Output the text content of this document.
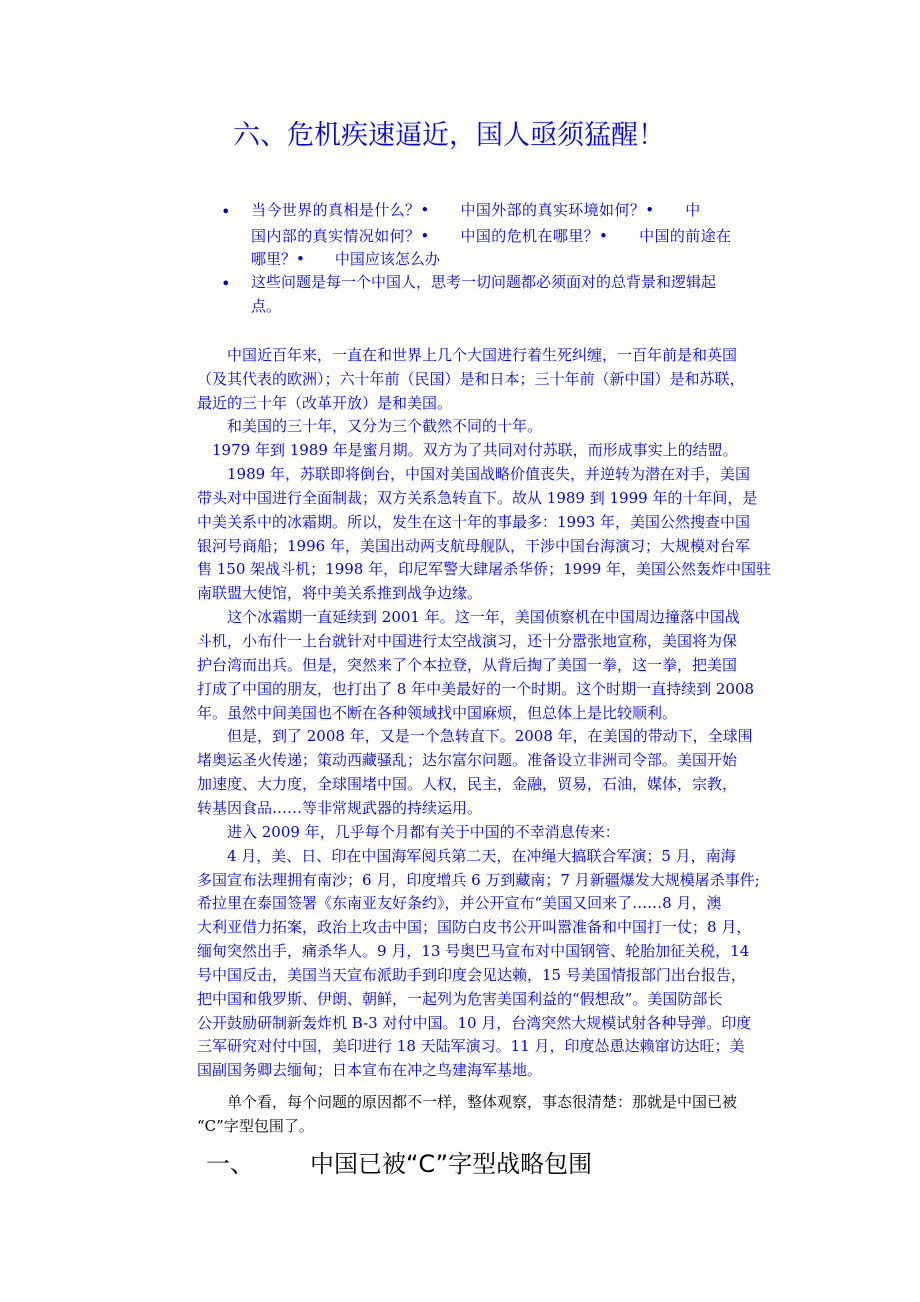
六、危机疾速逼近，国人亟须猛醒！
• 当今世界的真相是什么？•　　中国外部的真实环境如何？•　　中
国内部的真实情况如何？•　　中国的危机在哪里？•　　中国的前途在
哪里？•　　中国应该怎么办
• 这些问题是每一个中国人，思考一切问题都必须面对的总背景和逻辑起
点。
　　中国近百年来，一直在和世界上几个大国进行着生死纠缠，一百年前是和英国
（及其代表的欧洲）；六十年前（民国）是和日本；三十年前（新中国）是和苏联，
最近的三十年（改革开放）是和美国。
　　和美国的三十年，又分为三个截然不同的十年。
　1979 年到 1989 年是蜜月期。双方为了共同对付苏联，而形成事实上的结盟。
　　1989 年，苏联即将倒台，中国对美国战略价值丧失，并逆转为潜在对手，美国
带头对中国进行全面制裁；双方关系急转直下。故从 1989 到 1999 年的十年间，是
中美关系中的冰霜期。所以，发生在这十年的事最多：1993 年，美国公然搜查中国
银河号商船；1996 年，美国出动两支航母舰队，干涉中国台海演习；大规模对台军
售 150 架战斗机；1998 年，印尼军警大肆屠杀华侨；1999 年，美国公然轰炸中国驻
南联盟大使馆，将中美关系推到战争边缘。
　　这个冰霜期一直延续到 2001 年。这一年，美国侦察机在中国周边撞落中国战
斗机，小布什一上台就针对中国进行太空战演习，还十分嚣张地宣称，美国将为保
护台湾而出兵。但是，突然来了个本拉登，从背后掏了美国一拳，这一拳，把美国
打成了中国的朋友，也打出了 8 年中美最好的一个时期。这个时期一直持续到 2008
年。虽然中间美国也不断在各种领域找中国麻烦，但总体上是比较顺利。
　　但是，到了 2008 年，又是一个急转直下。2008 年，在美国的带动下，全球围
堵奥运圣火传递；策动西藏骚乱；达尔富尔问题。准备设立非洲司令部。美国开始
加速度、大力度，全球围堵中国。人权，民主，金融，贸易，石油，媒体，宗教，
转基因食品……等非常规武器的持续运用。
　　进入 2009 年，几乎每个月都有关于中国的不幸消息传来：
　　4 月，美、日、印在中国海军阅兵第二天，在冲绳大搞联合军演；5 月，南海
多国宣布法理拥有南沙；6 月，印度增兵 6 万到藏南；7 月新疆爆发大规模屠杀事件;
希拉里在泰国签署《东南亚友好条约》，并公开宣布“美国又回来了……8 月，澳
大利亚借力拓案，政治上攻击中国；国防白皮书公开叫嚣准备和中国打一仗；8 月，
缅甸突然出手，痛杀华人。9 月，13 号奥巴马宣布对中国钢管、轮胎加征关税，14
号中国反击，美国当天宣布派助手到印度会见达赖，15 号美国情报部门出台报告，
把中国和俄罗斯、伊朗、朝鲜，一起列为危害美国利益的“假想敌”。美国防部长
公开鼓励研制新轰炸机 B-3 对付中国。10 月，台湾突然大规模试射各种导弹。印度
三军研究对付中国，美印进行 18 天陆军演习。11 月，印度怂恿达赖窜访达旺；美
国副国务卿去缅甸；日本宣布在冲之鸟建海军基地。
　　单个看，每个问题的原因都不一样，整体观察，事态很清楚：那就是中国已被
“C”字型包围了。
一、 中国已被“C”字型战略包围
